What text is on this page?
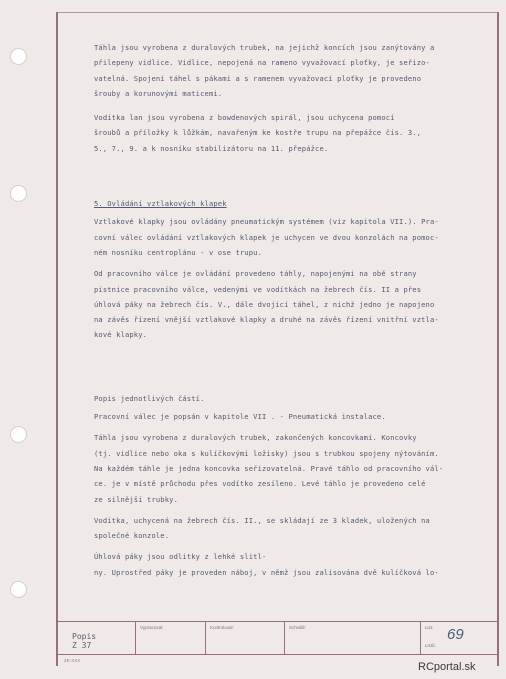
Táhla jsou vyrobena z duralových trubek, na jejichž koncích jsou zanýtovány a

přilepeny vidlice. Vidlice, nepojená na rameno vyvažovací ploťky, je seřizo-

vatelná. Spojení táhel s pákami a s ramenem vyvažovací ploťky je provedeno

šrouby a korunovými maticemi.

Vodítka lan jsou vyrobena z bowdenových spirál, jsou uchycena pomocí

šroubů a příložky k lůžkám, navařeným ke kostře trupu na přepážce čís. 3.,

5., 7., 9. a k nosníku stabilizátoru na 11. přepážce.

5. Ovládání vztlakových klapek

Vztlakové klapky jsou ovládány pneumatickým systémem (viz kapitola VII.). Pra-

covní válec ovládání vztlakových klapek je uchycen ve dvou konzolách na pomoc-

ném nosníku centroplánu - v ose trupu.

Od pracovního válce je ovládání provedeno táhly, napojenými na obě strany

pístnice pracovního válce, vedenými ve vodítkách na žebrech čís. II a přes

úhlová páky na žebrech čís. V., dále dvojicí táhel, z nichž jedno je napojeno

na závěs řízení vnější vztlakové klapky a druhé na závěs řízení vnitřní vztla-

kové klapky.

Popis jednotlivých částí.

Pracovní válec je popsán v kapitole VII . - Pneumatická instalace.

Táhla jsou vyrobena z duralových trubek, zakončených koncovkami. Koncovky

(tj. vidlice nebo oka s kulíčkovými ložisky) jsou s trubkou spojeny nýtováním.

Na každém táhle je jedna koncovka seřizovatelná. Pravé táhlo od pracovního vál-

ce. je v místě průchodu přes vodítko zesíleno. Levé táhlo je provedeno celé

ze silnější trubky.

Vodítka, uchycená na žebrech čís. II., se skládají ze 3 kladek, uložených na

společné konzole.

Úhlová páky jsou odlitky z lehké slitl-

ny. Uprostřed páky je proveden náboj, v němž jsou zalisována dvě kulíčková lo-

Popis Z 37
Vypracoval:	Kontroloval:	Schválil:	List: 69
Listů:
ZE-XXX
RCportal.sk
